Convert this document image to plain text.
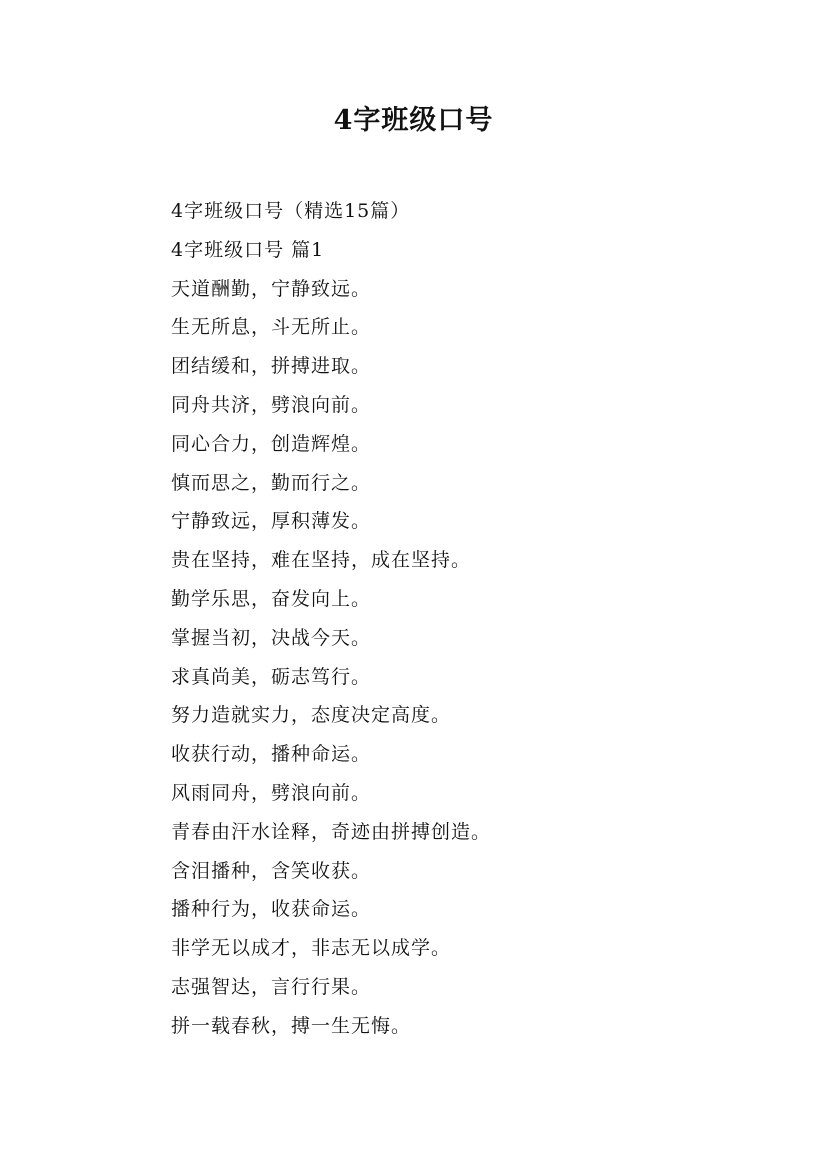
4字班级口号
4字班级口号（精选15篇）
4字班级口号 篇1
天道酬勤，宁静致远。
生无所息，斗无所止。
团结缓和，拼搏进取。
同舟共济，劈浪向前。
同心合力，创造辉煌。
慎而思之，勤而行之。
宁静致远，厚积薄发。
贵在坚持，难在坚持，成在坚持。
勤学乐思，奋发向上。
掌握当初，决战今天。
求真尚美，砺志笃行。
努力造就实力，态度决定高度。
收获行动，播种命运。
风雨同舟，劈浪向前。
青春由汗水诠释，奇迹由拼搏创造。
含泪播种，含笑收获。
播种行为，收获命运。
非学无以成才，非志无以成学。
志强智达，言行行果。
拼一载春秋，搏一生无悔。
